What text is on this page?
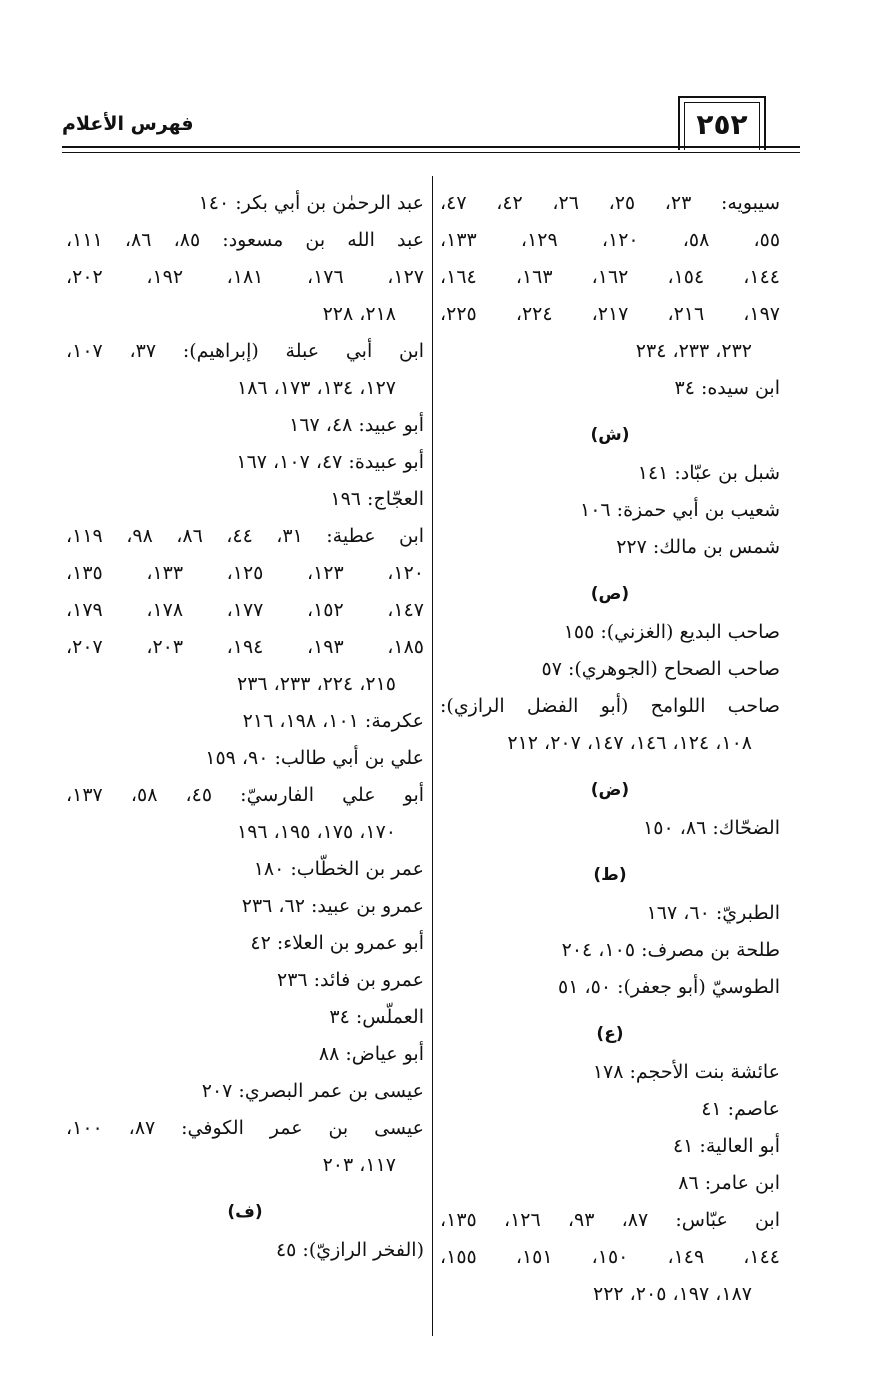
٢٥٢
فهرس الأعلام
سيبويه: ٢٣، ٢٥، ٢٦، ٤٢، ٤٧،
٥٥، ٥٨، ١٢٠، ١٢٩، ١٣٣،
١٤٤، ١٥٤، ١٦٢، ١٦٣، ١٦٤،
١٩٧، ٢١٦، ٢١٧، ٢٢٤، ٢٢٥،
٢٣٢، ٢٣٣، ٢٣٤
ابن سيده: ٣٤
(ش)
شبل بن عبّاد: ١٤١
شعيب بن أبي حمزة: ١٠٦
شمس بن مالك: ٢٢٧
(ص)
صاحب البديع (الغزني): ١٥٥
صاحب الصحاح (الجوهري): ٥٧
صاحب اللوامح (أبو الفضل الرازي):
١٠٨، ١٢٤، ١٤٦، ١٤٧، ٢٠٧، ٢١٢
(ض)
الضحّاك: ٨٦، ١٥٠
(ط)
الطبريّ: ٦٠، ١٦٧
طلحة بن مصرف: ١٠٥، ٢٠٤
الطوسيّ (أبو جعفر): ٥٠، ٥١
(ع)
عائشة بنت الأحجم: ١٧٨
عاصم: ٤١
أبو العالية: ٤١
ابن عامر: ٨٦
ابن عبّاس: ٨٧، ٩٣، ١٢٦، ١٣٥،
١٤٤، ١٤٩، ١٥٠، ١٥١، ١٥٥،
١٨٧، ١٩٧، ٢٠٥، ٢٢٢
عبد الرحمٰن بن أبي بكر: ١٤٠
عبد الله بن مسعود: ٨٥، ٨٦، ١١١،
١٢٧، ١٧٦، ١٨١، ١٩٢، ٢٠٢،
٢١٨، ٢٢٨
ابن أبي عبلة (إبراهيم): ٣٧، ١٠٧،
١٢٧، ١٣٤، ١٧٣، ١٨٦
أبو عبيد: ٤٨، ١٦٧
أبو عبيدة: ٤٧، ١٠٧، ١٦٧
العجّاج: ١٩٦
ابن عطية: ٣١، ٤٤، ٨٦، ٩٨، ١١٩،
١٢٠، ١٢٣، ١٢٥، ١٣٣، ١٣٥،
١٤٧، ١٥٢، ١٧٧، ١٧٨، ١٧٩،
١٨٥، ١٩٣، ١٩٤، ٢٠٣، ٢٠٧،
٢١٥، ٢٢٤، ٢٣٣، ٢٣٦
عكرمة: ١٠١، ١٩٨، ٢١٦
علي بن أبي طالب: ٩٠، ١٥٩
أبو علي الفارسيّ: ٤٥، ٥٨، ١٣٧،
١٧٠، ١٧٥، ١٩٥، ١٩٦
عمر بن الخطّاب: ١٨٠
عمرو بن عبيد: ٦٢، ٢٣٦
أبو عمرو بن العلاء: ٤٢
عمرو بن فائد: ٢٣٦
العملّس: ٣٤
أبو عياض: ٨٨
عيسى بن عمر البصري: ٢٠٧
عيسى بن عمر الكوفي: ٨٧، ١٠٠،
١١٧، ٢٠٣
(ف)
(الفخر الرازيّ): ٤٥
